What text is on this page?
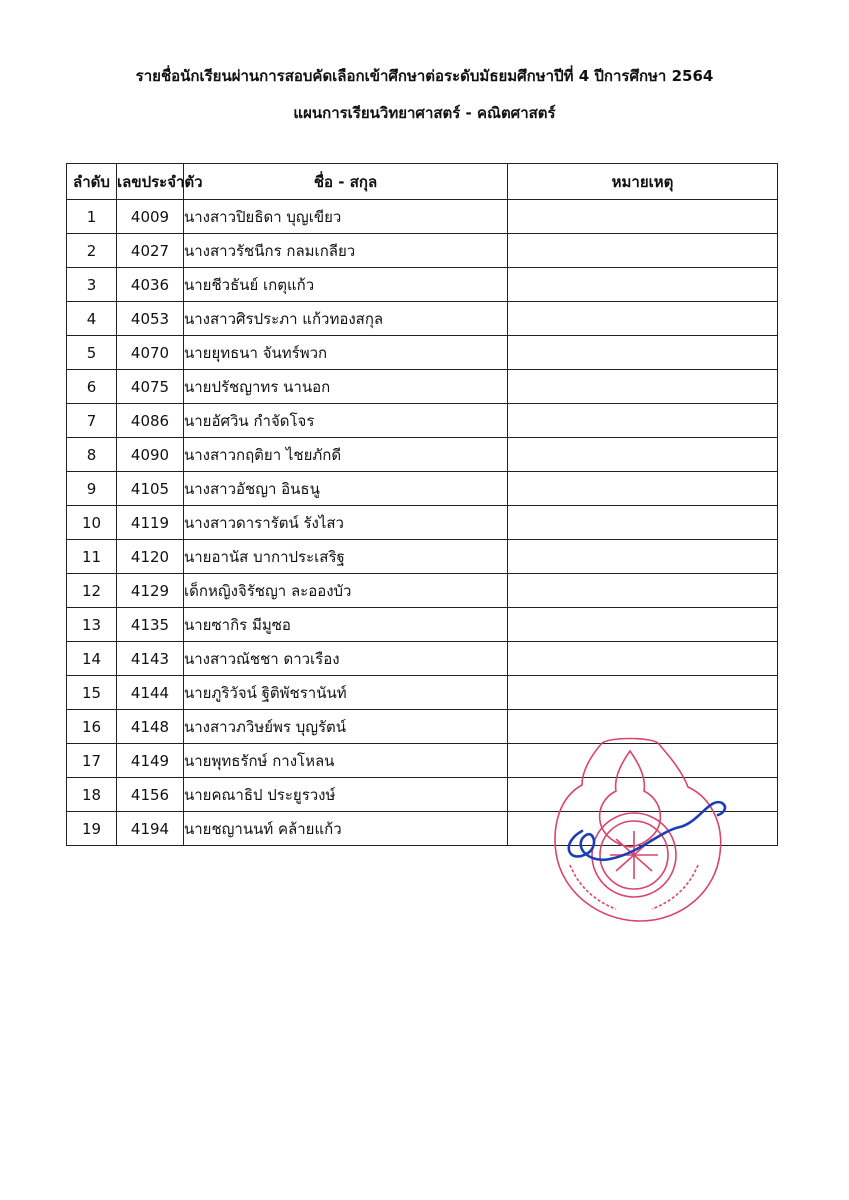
รายชื่อนักเรียนผ่านการสอบคัดเลือกเข้าศึกษาต่อระดับมัธยมศึกษาปีที่ 4 ปีการศึกษา 2564
แผนการเรียนวิทยาศาสตร์ - คณิตศาสตร์
ลำดับ	เลขประจำตัว	ชื่อ - สกุล	หมายเหตุ
1	4009	นางสาวปิยธิดา บุญเขียว	
2	4027	นางสาวรัชนีกร กลมเกลียว	
3	4036	นายชีวธันย์ เกตุแก้ว	
4	4053	นางสาวศิรประภา แก้วทองสกุล	
5	4070	นายยุทธนา จันทร์พวก	
6	4075	นายปรัชญาทร นานอก	
7	4086	นายอัศวิน กำจัดโจร	
8	4090	นางสาวกฤติยา ไชยภักดี	
9	4105	นางสาวอัชญา อินธนู	
10	4119	นางสาวดารารัตน์ รังไสว	
11	4120	นายอานัส บากาประเสริฐ	
12	4129	เด็กหญิงจิรัชญา ละอองบัว	
13	4135	นายซากิร มีมูซอ	
14	4143	นางสาวณัชชา ดาวเรือง	
15	4144	นายภูริวัจน์ ฐิติพัชรานันท์	
16	4148	นางสาวภวิษย์พร บุญรัตน์	
17	4149	นายพุทธรักษ์ กางโหลน	
18	4156	นายคณาธิป ประยูรวงษ์	
19	4194	นายชญานนท์ คล้ายแก้ว	
